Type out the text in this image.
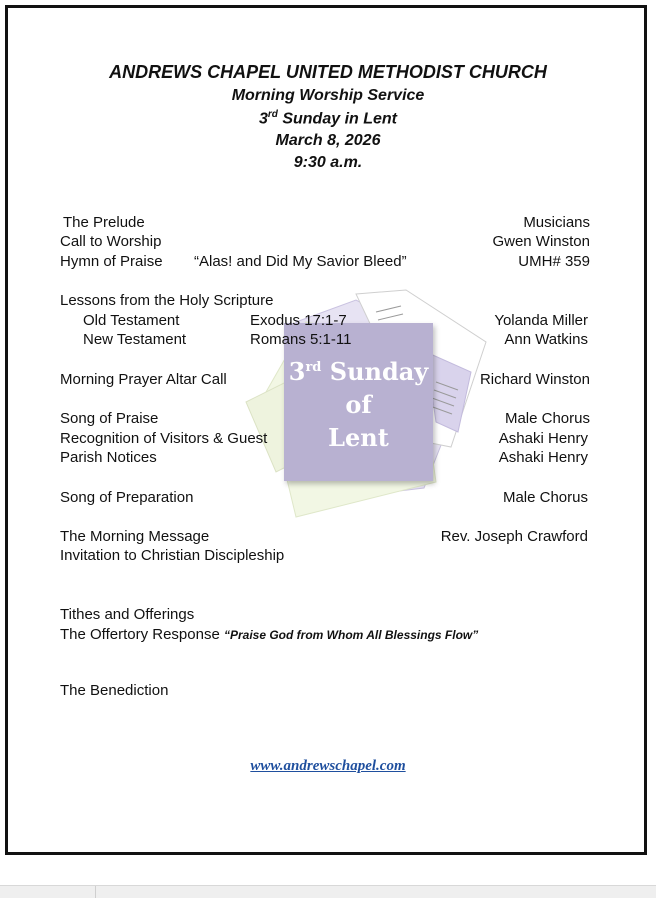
3rd Sunday
of
Lent
ANDREWS CHAPEL UNITED METHODIST CHURCH
Morning Worship Service
3rd Sunday in Lent
March 8, 2026
9:30 a.m.
The Prelude	Musicians
Call to Worship	Gwen Winston
Hymn of Praise “Alas! and Did My Savior Bleed”	UMH# 359
Lessons from the Holy Scripture
Old Testament	Exodus 17:1-7	Yolanda Miller
New Testament	Romans 5:1-11	Ann Watkins
Morning Prayer Altar Call	Richard Winston
Song of Praise	Male Chorus
Recognition of Visitors & Guest	Ashaki Henry
Parish Notices	Ashaki Henry
Song of Preparation	Male Chorus
The Morning Message	Rev. Joseph Crawford
Invitation to Christian Discipleship
Tithes and Offerings
The Offertory Response “Praise God from Whom All Blessings Flow”
The Benediction
www.andrewschapel.com
